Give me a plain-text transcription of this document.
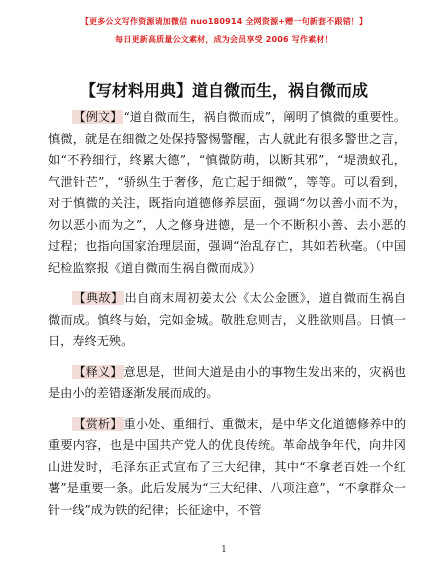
【更多公文写作资源请加微信 nuo180914 全网资源+赠一句新套不跟错！】
每日更新高质量公文素材，成为会员享受 2006 写作素材！
【写材料用典】道自微而生，祸自微而成

【例文】“道自微而生，祸自微而成”，阐明了慎微的重要性。慎微，就是在细微之处保持警惕警醒，古人就此有很多警世之言，如“不矜细行，终累大德”，“慎微防萌，以断其邪”，“堤溃蚁孔，气泄针芒”，“骄纵生于奢侈，危亡起于细微”，等等。可以看到，对于慎微的关注，既指向道德修养层面，强调“勿以善小而不为，勿以恶小而为之”，人之修身进德，是一个不断积小善、去小恶的过程；也指向国家治理层面，强调“治乱存亡，其如若秋毫。（中国纪检监察报《道自微而生祸自微而成》）

【典故】出自商末周初姜太公《太公金匮》，道自微而生祸自微而成。慎终与始，完如金城。敬胜怠则吉，义胜欲则昌。日慎一日，寿终无殃。

【释义】意思是，世间大道是由小的事物生发出来的，灾祸也是由小的差错逐渐发展而成的。

【赏析】重小处、重细行、重微末，是中华文化道德修养中的重要内容，也是中国共产党人的优良传统。革命战争年代，向井冈山进发时，毛泽东正式宣布了三大纪律，其中“不拿老百姓一个红薯”是重要一条。此后发展为“三大纪律、八项注意”，“不拿群众一针一线”成为铁的纪律；长征途中，不管

1
